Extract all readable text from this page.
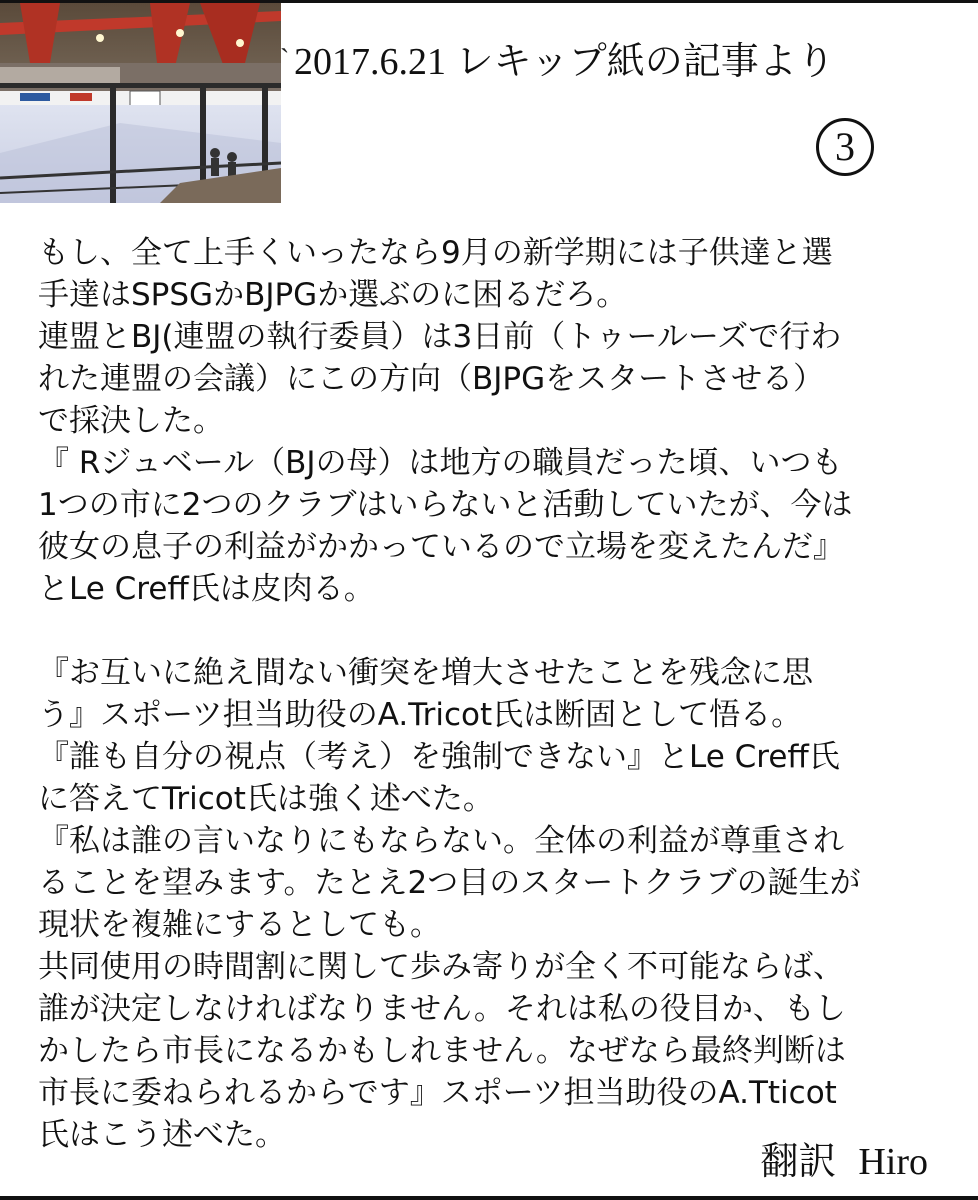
` 2017.6.21 レキップ紙の記事より
3
もし、全て上手くいったなら9月の新学期には子供達と選
手達はSPSGかBJPGか選ぶのに困るだろ。
連盟とBJ(連盟の執行委員）は3日前（トゥールーズで行わ
れた連盟の会議）にこの方向（BJPGをスタートさせる）
で採決した。
『 Rジュベール（BJの母）は地方の職員だった頃、いつも
1つの市に2つのクラブはいらないと活動していたが、今は
彼女の息子の利益がかかっているので立場を変えたんだ』
とLe Creff氏は皮肉る。
『お互いに絶え間ない衝突を増大させたことを残念に思
う』スポーツ担当助役のA.Tricot氏は断固として悟る。
『誰も自分の視点（考え）を強制できない』とLe Creff氏
に答えてTricot氏は強く述べた。
『私は誰の言いなりにもならない。全体の利益が尊重され
ることを望みます。たとえ2つ目のスタートクラブの誕生が
現状を複雑にするとしても。
共同使用の時間割に関して歩み寄りが全く不可能ならば、
誰が決定しなければなりません。それは私の役目か、もし
かしたら市長になるかもしれません。なぜなら最終判断は
市長に委ねられるからです』スポーツ担当助役のA.Tticot
氏はこう述べた。
翻訳 Hiro
